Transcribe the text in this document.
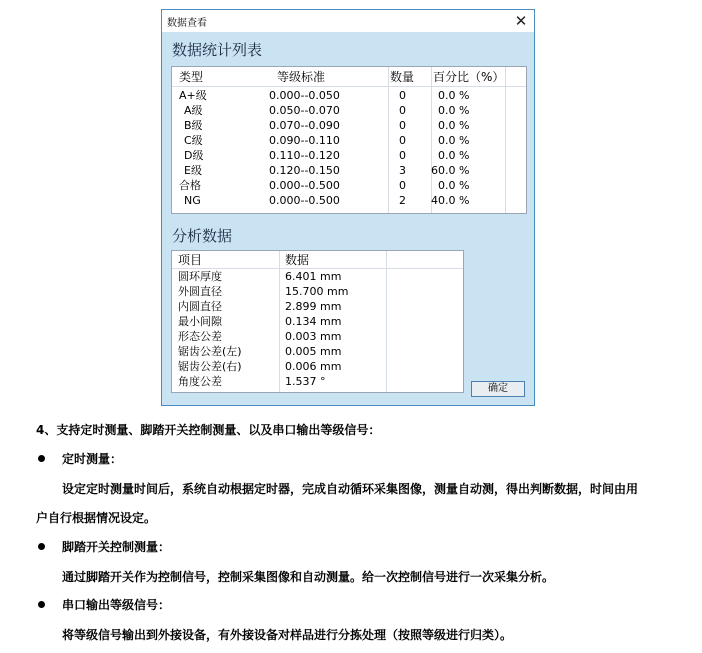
数据查看	✕
数据统计列表
类型	等级标准	数量 百分比（%）
A+级	0.000--0.050	0	0.0 %
A级	0.050--0.070	0	0.0 %
B级	0.070--0.090	0	0.0 %
C级	0.090--0.110	0	0.0 %
D级	0.110--0.120	0	0.0 %
E级	0.120--0.150	3 60.0 %
合格	0.000--0.500	0	0.0 %
NG	0.000--0.500	2 40.0 %
分析数据
项目	数据
圆环厚度	6.401 mm
外圆直径	15.700 mm
内圆直径	2.899 mm
最小间隙	0.134 mm
形态公差	0.003 mm
锯齿公差(左)	0.005 mm
锯齿公差(右)	0.006 mm
角度公差	1.537 °
确定
4、支持定时测量、脚踏开关控制测量、以及串口输出等级信号：
定时测量：
设定定时测量时间后，系统自动根据定时器，完成自动循环采集图像，测量自动测，得出判断数据，时间由用
户自行根据情况设定。
脚踏开关控制测量：
通过脚踏开关作为控制信号，控制采集图像和自动测量。给一次控制信号进行一次采集分析。
串口输出等级信号：
将等级信号输出到外接设备，有外接设备对样品进行分拣处理（按照等级进行归类）。
